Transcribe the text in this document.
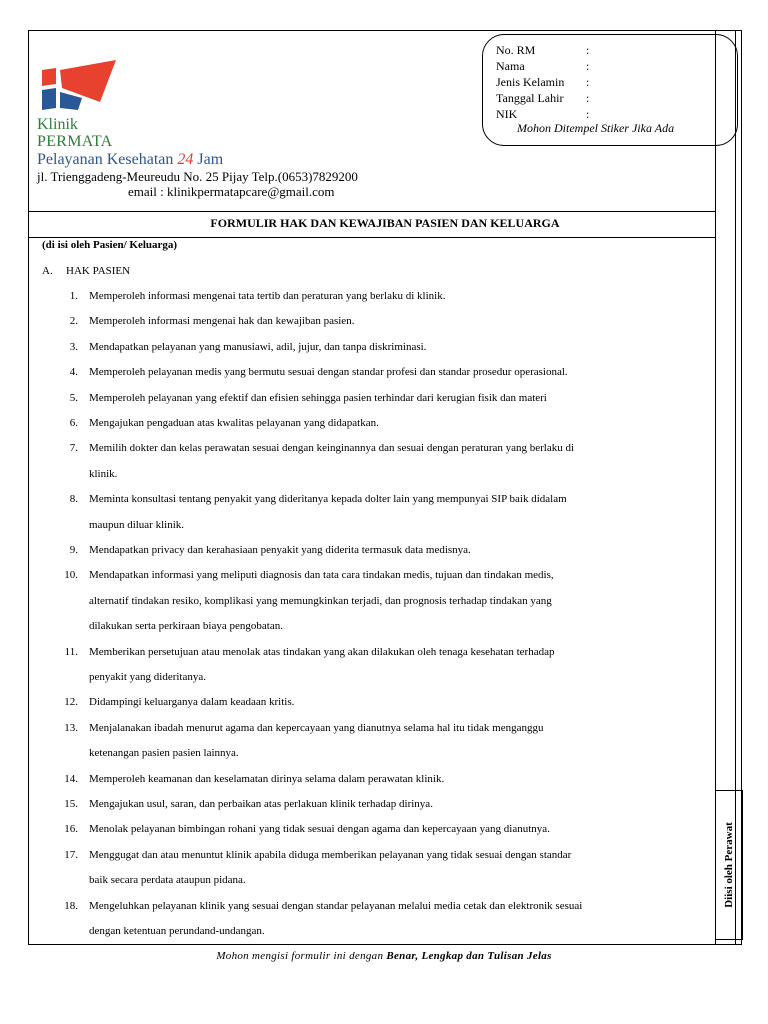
Klinik
PERMATA
Pelayanan Kesehatan 24 Jam
jl. Trienggadeng-Meureudu No. 25 Pijay Telp.(0653)7829200
email : klinikpermatapcare@gmail.com
No. RM	:
Nama	:
Jenis Kelamin :
Tanggal Lahir :
NIK	:
Mohon Ditempel Stiker Jika Ada
FORMULIR HAK DAN KEWAJIBAN PASIEN DAN KELUARGA
(di isi oleh Pasien/ Keluarga)
A. HAK PASIEN
1. Memperoleh informasi mengenai tata tertib dan peraturan yang berlaku di klinik.
2. Memperoleh informasi mengenai hak dan kewajiban pasien.
3. Mendapatkan pelayanan yang manusiawi, adil, jujur, dan tanpa diskriminasi.
4. Memperoleh pelayanan medis yang bermutu sesuai dengan standar profesi dan standar prosedur operasional.
5. Memperoleh pelayanan yang efektif dan efisien sehingga pasien terhindar dari kerugian fisik dan materi
6. Mengajukan pengaduan atas kwalitas pelayanan yang didapatkan.
7. Memilih dokter dan kelas perawatan sesuai dengan keinginannya dan sesuai dengan peraturan yang berlaku di
klinik.
8. Meminta konsultasi tentang penyakit yang dideritanya kepada dolter lain yang mempunyai SIP baik didalam
maupun diluar klinik.
9. Mendapatkan privacy dan kerahasiaan penyakit yang diderita termasuk data medisnya.
10. Mendapatkan informasi yang meliputi diagnosis dan tata cara tindakan medis, tujuan dan tindakan medis,
alternatif tindakan resiko, komplikasi yang memungkinkan terjadi, dan prognosis terhadap tindakan yang
dilakukan serta perkiraan biaya pengobatan.
11. Memberikan persetujuan atau menolak atas tindakan yang akan dilakukan oleh tenaga kesehatan terhadap
penyakit yang dideritanya.
12. Didampingi keluarganya dalam keadaan kritis.
13. Menjalanakan ibadah menurut agama dan kepercayaan yang dianutnya selama hal itu tidak menganggu
ketenangan pasien pasien lainnya.
14. Memperoleh keamanan dan keselamatan dirinya selama dalam perawatan klinik.
15. Mengajukan usul, saran, dan perbaikan atas perlakuan klinik terhadap dirinya.
16. Menolak pelayanan bimbingan rohani yang tidak sesuai dengan agama dan kepercayaan yang dianutnya.
17. Menggugat dan atau menuntut klinik apabila diduga memberikan pelayanan yang tidak sesuai dengan standar
baik secara perdata ataupun pidana.
18. Mengeluhkan pelayanan klinik yang sesuai dengan standar pelayanan melalui media cetak dan elektronik sesuai
dengan ketentuan perundand-undangan.
Diisi oleh Perawat
Mohon mengisi formulir ini dengan Benar, Lengkap dan Tulisan Jelas
